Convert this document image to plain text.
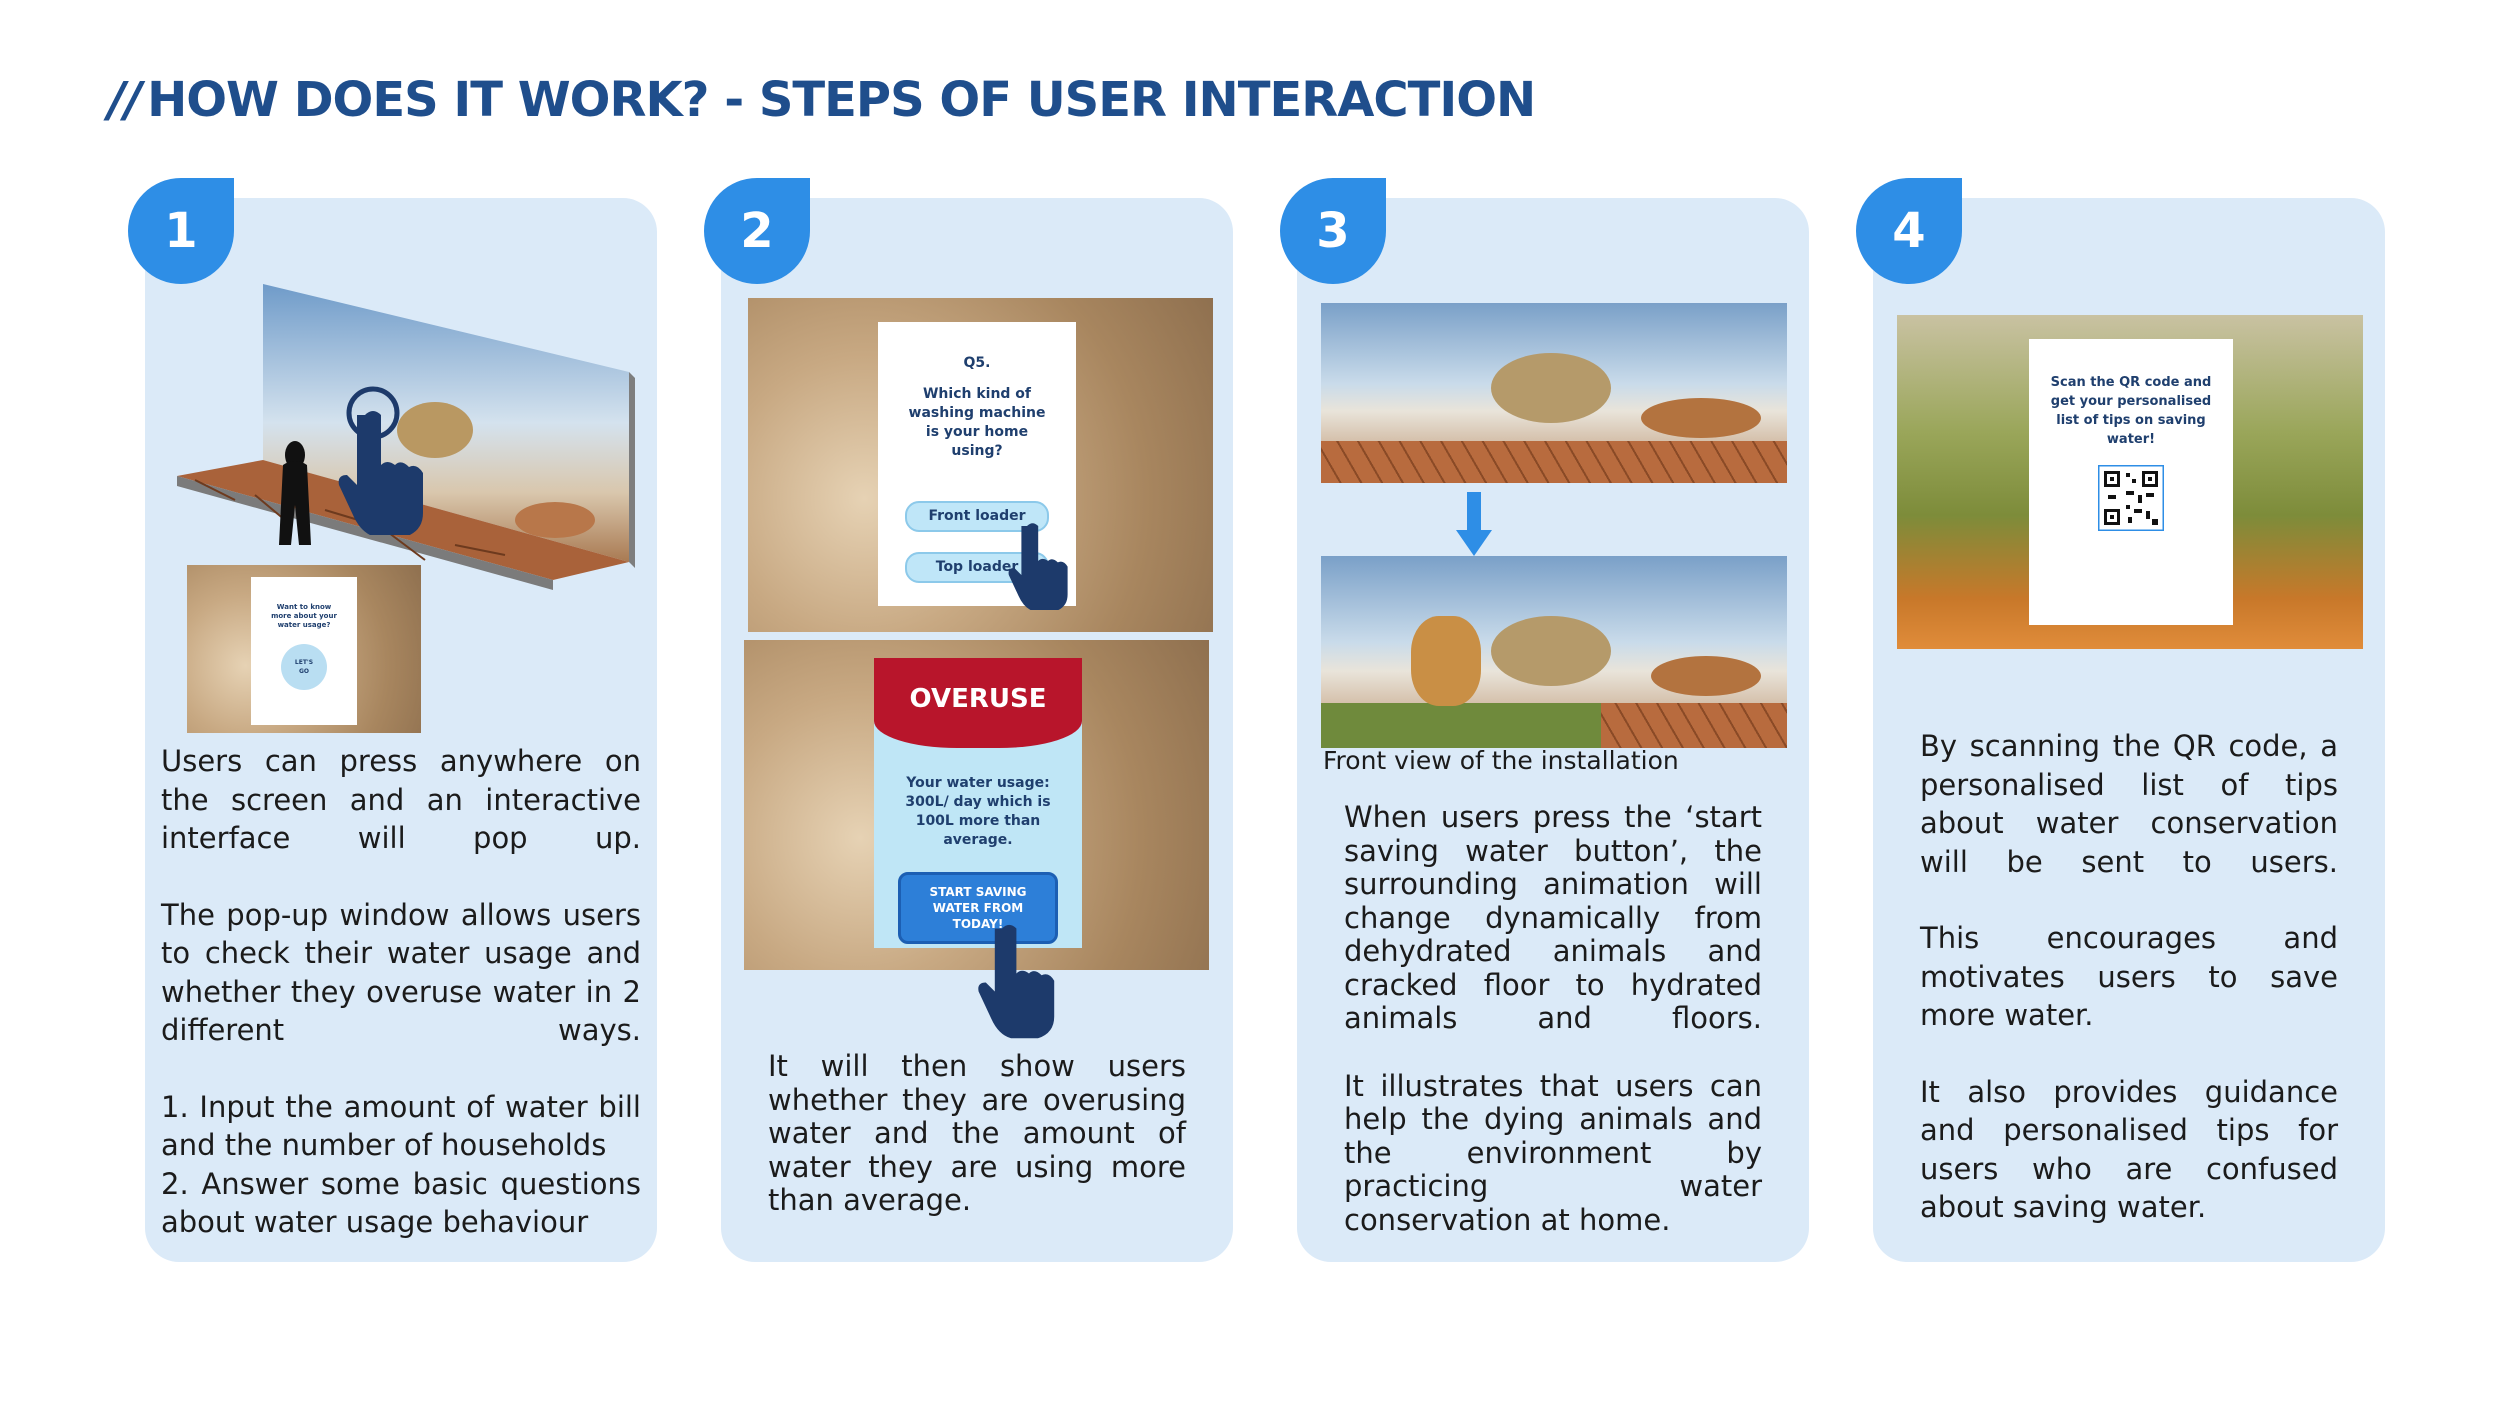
// HOW DOES IT WORK? - STEPS OF USER INTERACTION
1	2	3	4
Want to know more about your water usage?
LET'S GO
Q5.
Which kind of washing machine is your home using?
Front loader
Top loader
OVERUSE
Your water usage: 300L/ day which is 100L more than average.
START SAVING WATER FROM TODAY!
Front view of the installation
Scan the QR code and get your personalised list of tips on saving water!

Users can press anywhere on the screen and an interactive interface will pop up.

The pop-up window allows users to check their water usage and whether they overuse water in 2 different ways.

1. Input the amount of water bill and the number of households

2. Answer some basic questions about water usage behaviour

It will then show users whether they are overusing water and the amount of water they are using more than average.

When users press the ‘start saving water button’, the surrounding animation will change dynamically from dehydrated animals and cracked floor to hydrated animals and floors.

It illustrates that users can help the dying animals and the environment by practicing water conservation at home.

By scanning the QR code, a personalised list of tips about water conservation will be sent to users.

This encourages and motivates users to save more water.

It also provides guidance and personalised tips for users who are confused about saving water.
